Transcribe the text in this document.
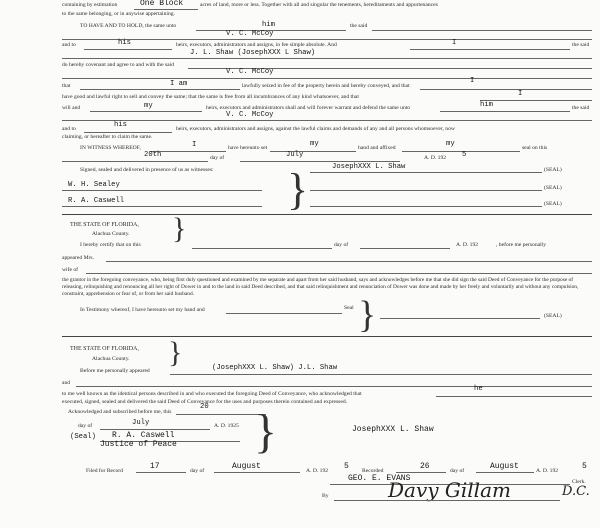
containing by estimation	One Block	acres of land, more or less. Together with all and singular the tenements, hereditaments and appurtenances
to the same belonging, or in anywise appertaining.
TO HAVE AND TO HOLD, the same unto	him	the said
V. C. McCoy
and to	his	heirs, executors, administrators and assigns, in fee simple absolute. And	I	the said
J. L. Shaw (JosephXXX L Shaw)
do hereby covenant and agree to and with the said
V. C. McCoy
that	I am	lawfully seized in fee of the property herein and hereby conveyed, and that
I
have good and lawful right to sell and convey the same; that the same is free from all incumbrances of any kind whatsoever, and that	I
will and	my	heirs, executors and administrators shall and will forever warrant and defend the same unto	him	the said
V. C. McCoy
and to	his	heirs, executors, administrators and assigns, against the lawful claims and demands of any and all persons whomsoever, now
claiming, or hereafter to claim the same.
IN WITNESS WHEREOF,	I	have hereunto set	my	hand and affixed	my	seal on this
20th	day of	July	A. D. 192 5
Signed, sealed and delivered in presence of us as witnesses:	JosephXXX L. Shaw	(SEAL)
W. H. Sealey	(SEAL)
R. A. Caswell	(SEAL)
}
THE STATE OF FLORIDA,
Alachua County. }
I hereby certify that on this	day of	A. D. 192	, before me personally
appeared Mrs.
wife of
the grantor in the foregoing conveyance, who, being first duly questioned and examined by me separate and apart from her said husband, says and acknowledges before me that she did sign the said Deed of Conveyance for the purpose of releasing, relinquishing and renouncing all her right of Dower in and to the land in said Deed described, and that said relinquishment and renunciation of Dower was done and made by her freely and voluntarily and without any compulsion, constraint, apprehension or fear of, or from her said husband.
In Testimony whereof, I have hereunto set my hand and	Seal }	(SEAL)
THE STATE OF FLORIDA,
Alachua County. }
Before me personally appeared	(JosephXXX L. Shaw) J.L. Shaw
and
to me well known as the identical persons described in and who executed the foregoing Deed of Conveyance, who acknowledged that
he
executed, signed, sealed and delivered the said Deed of Conveyance for the uses and purposes therein contained and expressed.
Acknowledged and subscribed before me, this
20
day of	July	A. D. 1925
(Seal) R. A. Caswell
Justice of Peace }	JosephXXX L. Shaw
Filed for Record	17	day of	August	A. D. 192 5 Recorded	26	day of	August	A. D. 192	5
GEO. E. EVANS	Clerk.
By	Davy Gillam	D.C.
